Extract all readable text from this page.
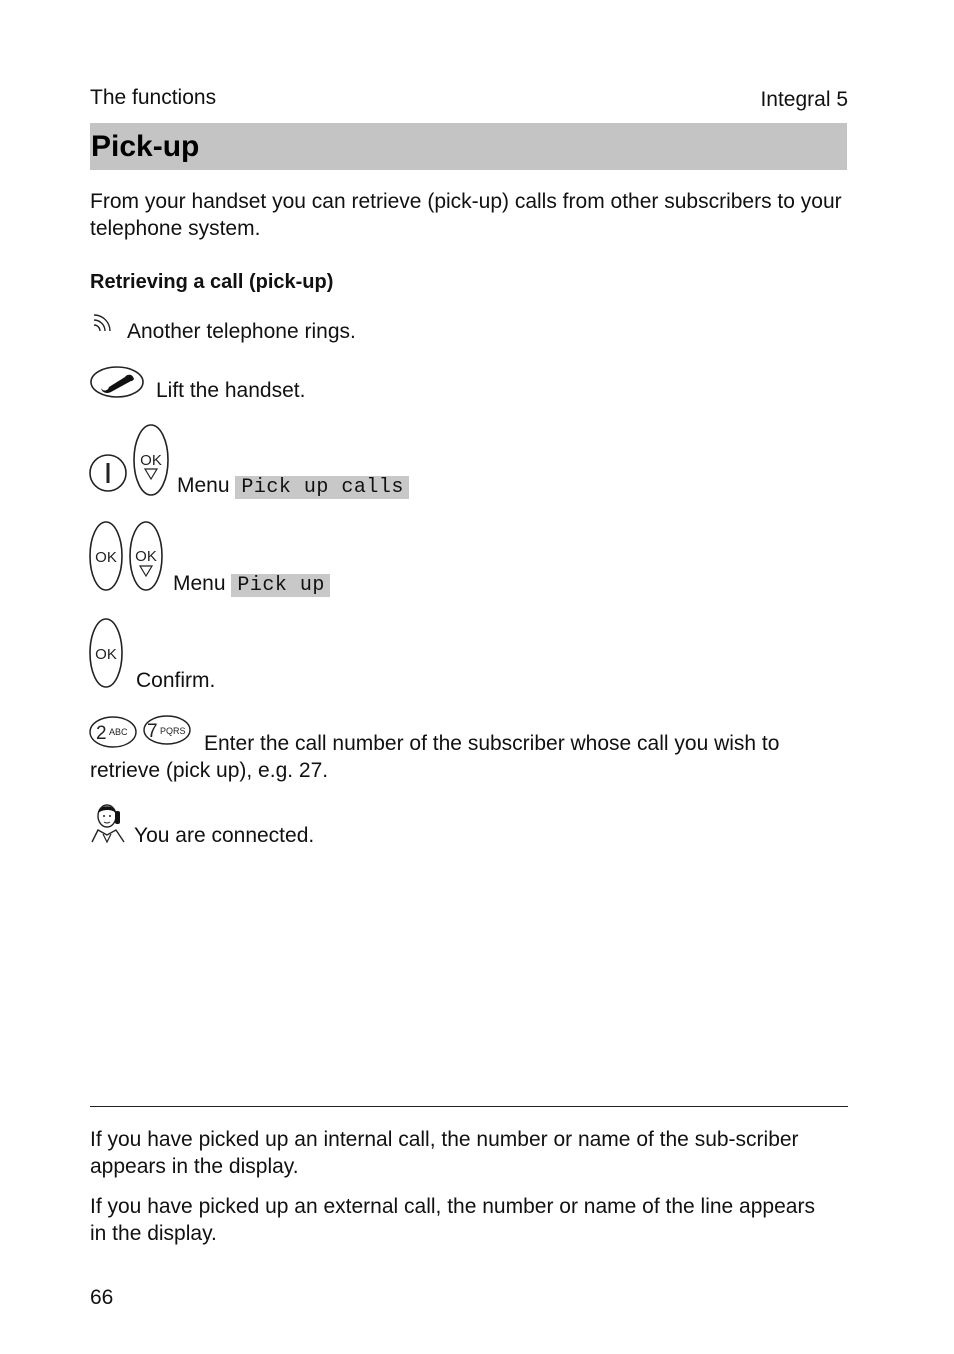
The functions	Integral 5
Pick-up
From your handset you can retrieve (pick-up) calls from other subscribers to your telephone system.
Retrieving a call (pick-up)
Another telephone rings.
Lift the handset.
OK
Menu Pick up calls
OK OK
Menu Pick up
OK
Confirm.
2 ABC 7 PQRS
Enter the call number of the subscriber whose call you wish to retrieve (pick up), e.g. 27.
You are connected.
If you have picked up an internal call, the number or name of the sub-scriber appears in the display.
If you have picked up an external call, the number or name of the line appears in the display.
66
